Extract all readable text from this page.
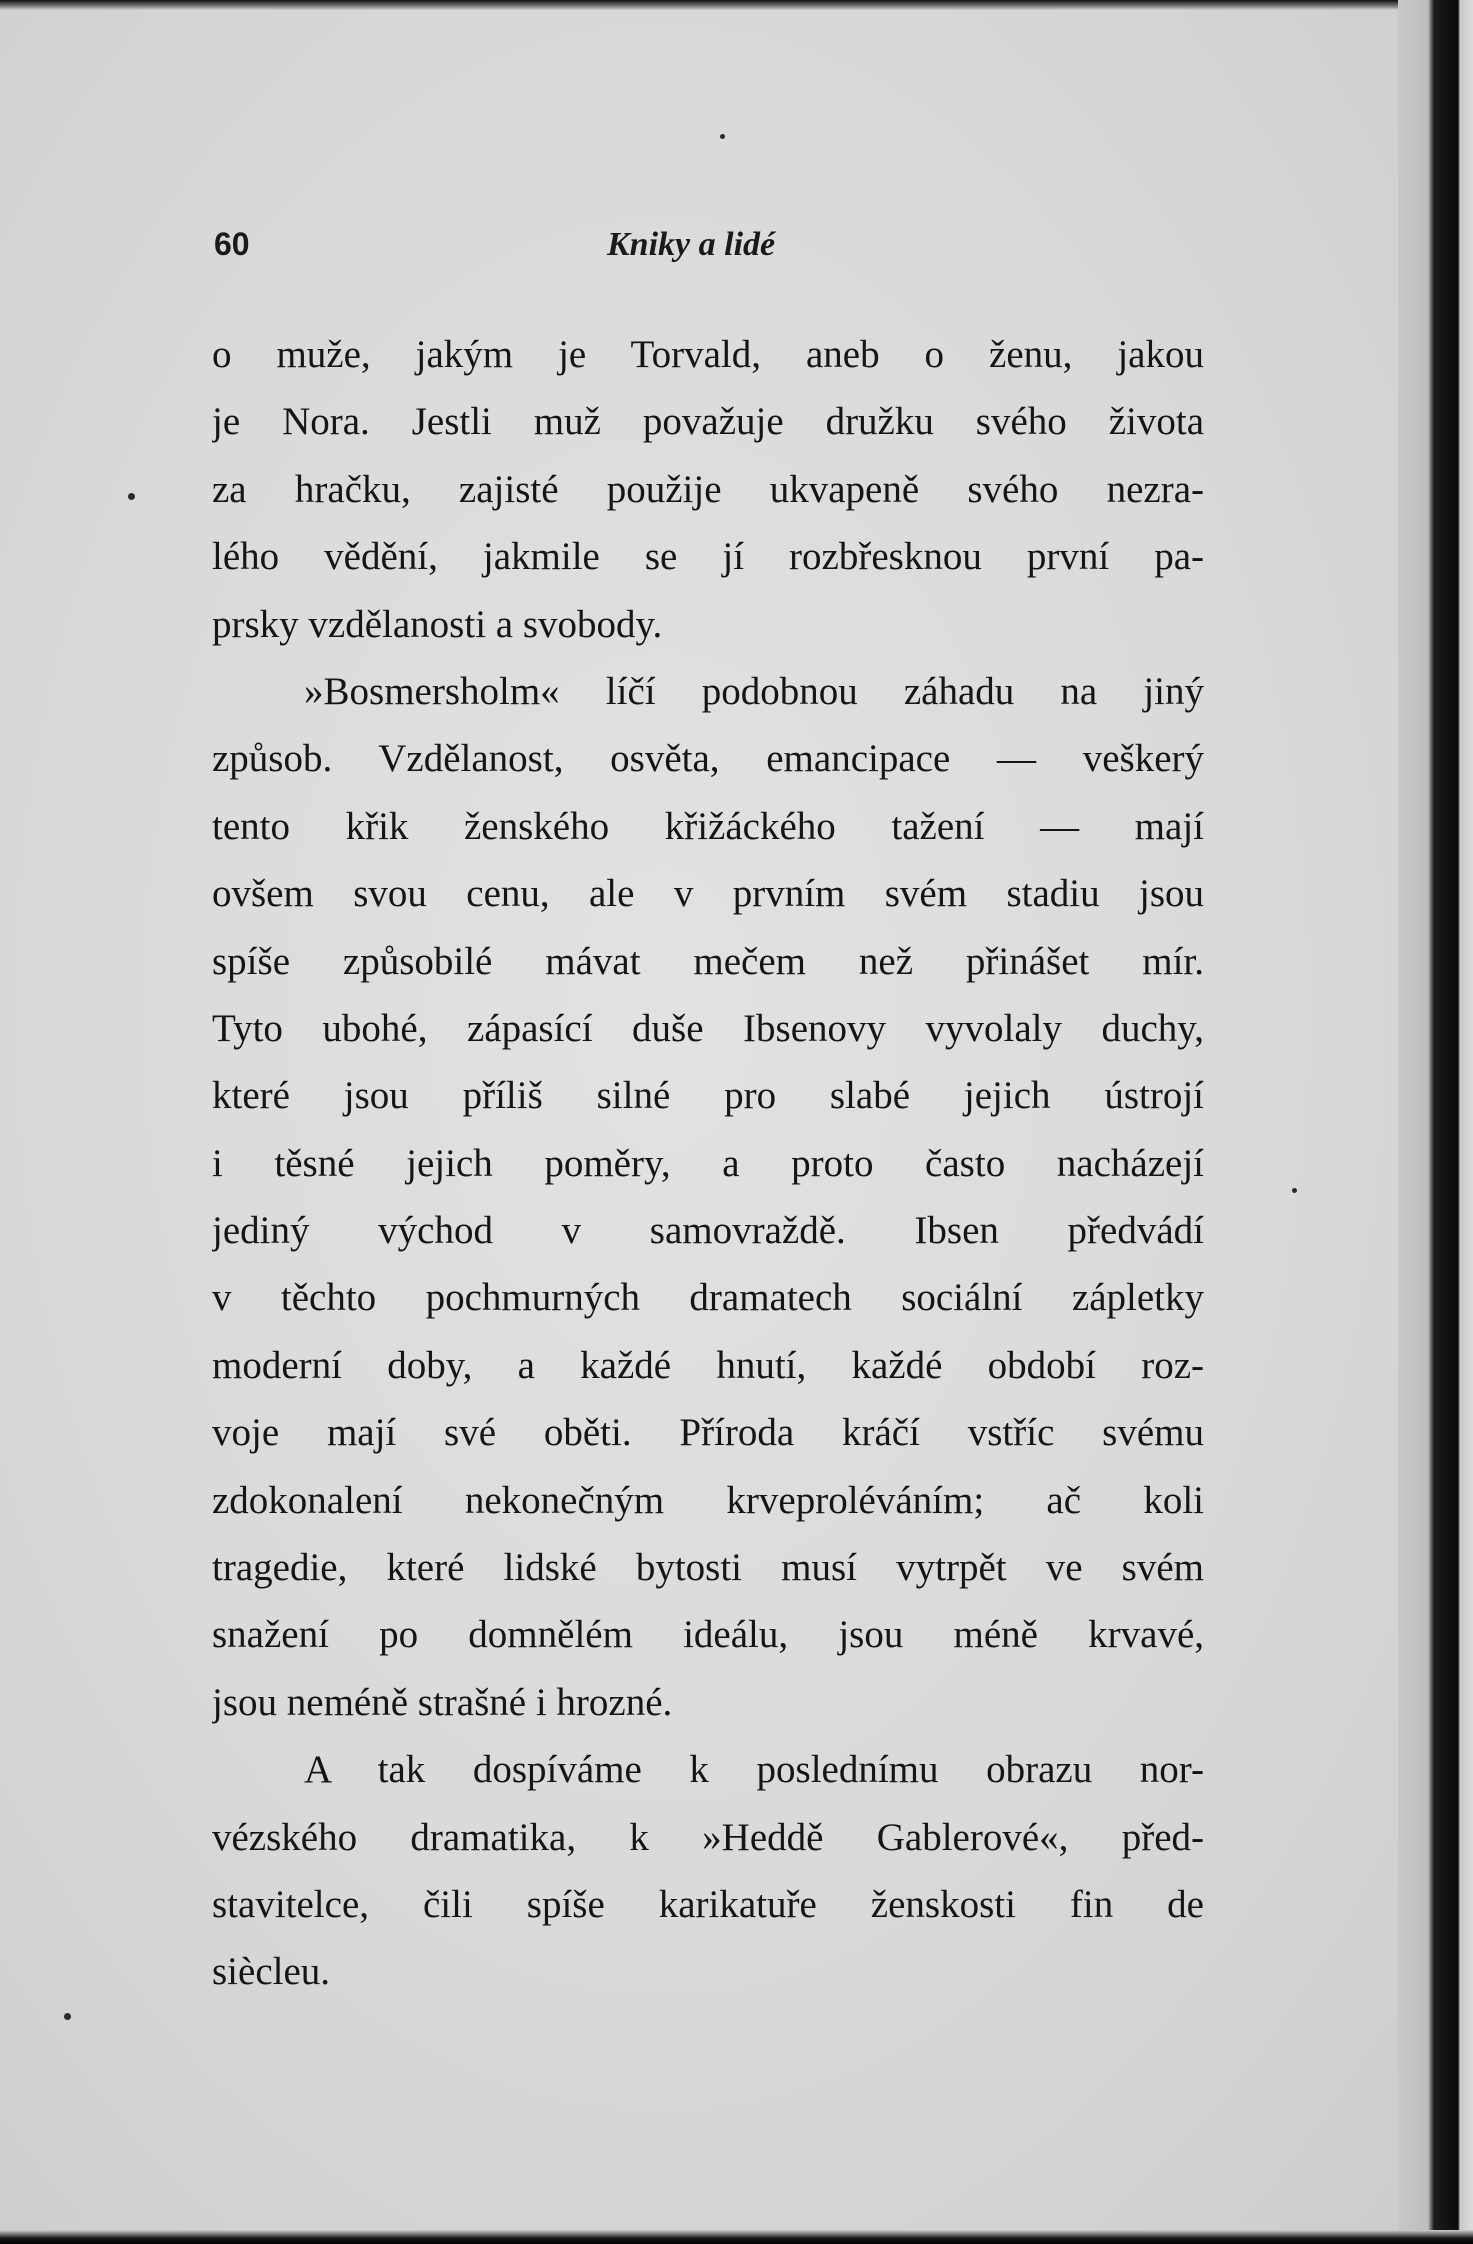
60	Kniky a lidé
o muže, jakým je Torvald, aneb o ženu, jakou
je Nora. Jestli muž považuje družku svého života
za hračku, zajisté použije ukvapeně svého nezra-
lého vědění, jakmile se jí rozbřesknou první pa-
prsky vzdělanosti a svobody.
»Bosmersholm« líčí podobnou záhadu na jiný
způsob. Vzdělanost, osvěta, emancipace — veškerý
tento křik ženského křižáckého tažení — mají
ovšem svou cenu, ale v prvním svém stadiu jsou
spíše způsobilé mávat mečem než přinášet mír.
Tyto ubohé, zápasící duše Ibsenovy vyvolaly duchy,
které jsou příliš silné pro slabé jejich ústrojí
i těsné jejich poměry, a proto často nacházejí
jediný východ v samovraždě. Ibsen předvádí
v těchto pochmurných dramatech sociální zápletky
moderní doby, a každé hnutí, každé období roz-
voje mají své oběti. Příroda kráčí vstříc svému
zdokonalení nekonečným krveproléváním; ač koli
tragedie, které lidské bytosti musí vytrpět ve svém
snažení po domnělém ideálu, jsou méně krvavé,
jsou neméně strašné i hrozné.
A tak dospíváme k poslednímu obrazu nor-
vézského dramatika, k »Heddě Gablerové«, před-
stavitelce, čili spíše karikatuře ženskosti fin de
siècleu.
